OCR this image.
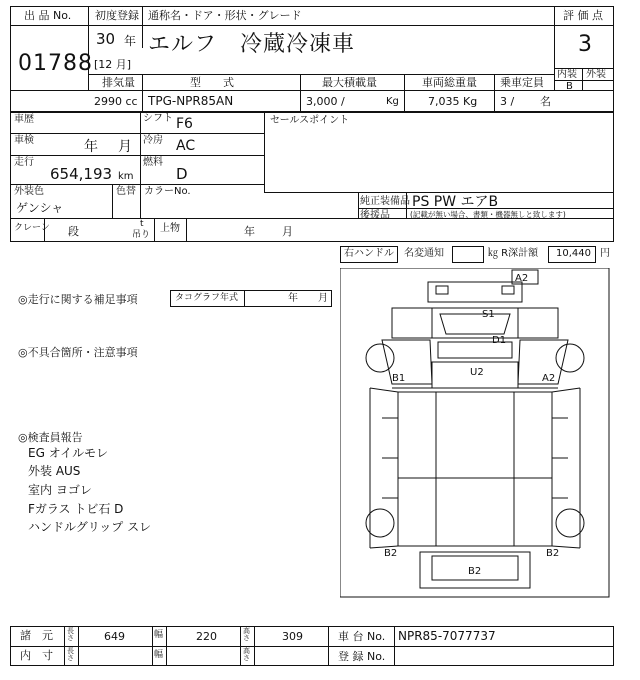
出 品 No.
01788
初度登録
30 年
[12 月]
通称名・ドア・形状・グレード
エルフ　冷蔵冷凍車
評 価 点
3
内装 外装
B
排気量
2990 cc
型　　式
TPG-NPR85AN
最大積載量
3,000 /	Kg
車両総重量
7,035 Kg
乗車定員
3 / 名
車歴	シフト F6
車検	年 月 冷房 AC
走行
654,193 km
燃料
D
外装色
ゲンシャ
色替 カラーNo.
セールスポイント
純正装備品 PS PW エアB
後援品	(記載が無い場合、書類・機器無しと致します)
クレーン 段
t
吊り
上物	年 月
右ハンドル 名変通知	㎏ R深計額 10,440 円
◎走行に関する補足事項	タコグラフ年式	年 月
◎不具合箇所・注意事項
◎検査員報告
EG オイルモレ
外装 AUS
室内 ヨゴレ
Fガラス トビ石 D
ハンドルグリップ スレ
A2
S1
D1
U2
B1	A2
B2	B2
B2
諸　元 長さ	649	幅	220	高さ	309	車 台 No. NPR85-7077737
内　寸 長さ	幅	高さ	登 録 No.
